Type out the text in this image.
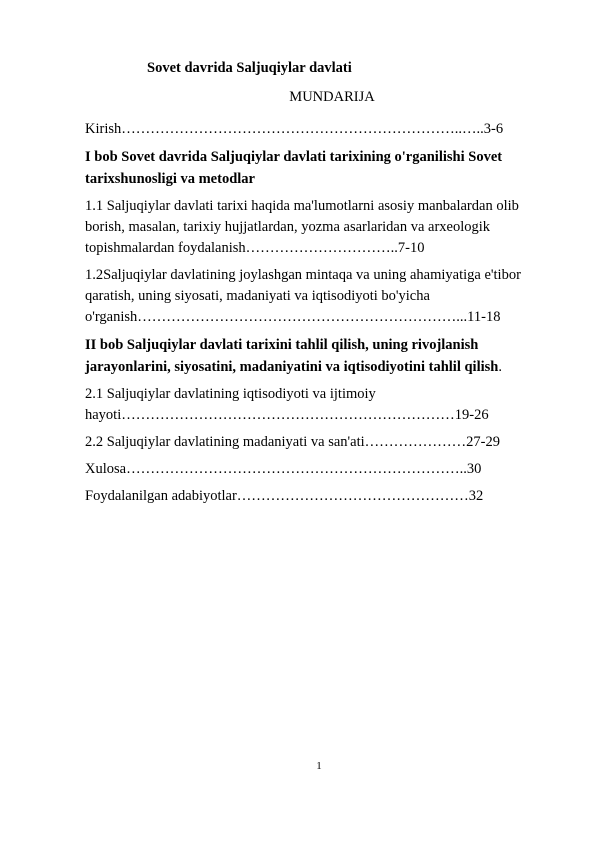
Sovet davrida Saljuqiylar davlati

MUNDARIJA

Kirish……………………………………………………………..…..3-6

I bob Sovet davrida Saljuqiylar davlati tarixining o'rganilishi Sovet tarixshunosligi va metodlar

1.1 Saljuqiylar davlati tarixi haqida ma'lumotlarni asosiy manbalardan olib borish, masalan, tarixiy hujjatlardan, yozma asarlaridan va arxeologik topishmalardan foydalanish…………………………..7-10

1.2Saljuqiylar davlatining joylashgan mintaqa va uning ahamiyatiga e'tibor qaratish, uning siyosati, madaniyati va iqtisodiyoti bo'yicha o'rganish…………………………………………………………...11-18

II bob Saljuqiylar davlati tarixini tahlil qilish, uning rivojlanish jarayonlarini, siyosatini, madaniyatini va iqtisodiyotini tahlil qilish.

2.1 Saljuqiylar davlatining iqtisodiyoti va ijtimoiy hayoti……………………………………………………………19-26

2.2 Saljuqiylar davlatining madaniyati va san'ati…………………27-29

Xulosa……………………………………………………………..30

Foydalanilgan adabiyotlar…………………………………………32

1
